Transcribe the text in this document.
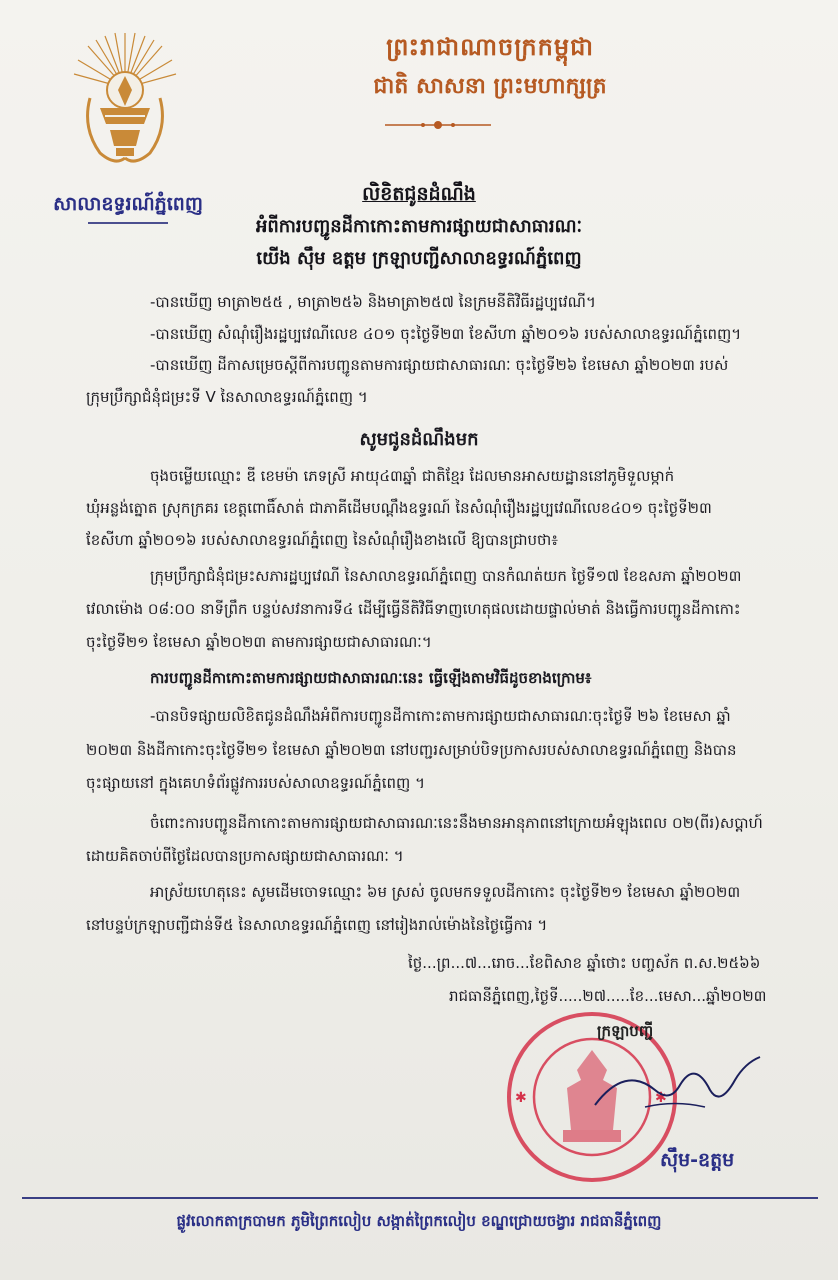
សាលាឧទ្ធរណ៍ភ្នំពេញ
ព្រះរាជាណាចក្រកម្ពុជា
ជាតិ សាសនា ព្រះមហាក្សត្រ
លិខិតជូនដំណឹង
អំពីការបញ្ជូនដីកាកោះតាមការផ្សាយជាសាធារណៈ
យើង ស៊ឹម ឧត្តម ក្រឡាបញ្ជីសាលាឧទ្ធរណ៍ភ្នំពេញ
-បានឃើញ មាត្រា២៥៥ , មាត្រា២៥៦ និងមាត្រា២៥៧ នៃក្រមនីតិវិធីរដ្ឋប្បវេណី។
-បានឃើញ សំណុំរឿងរដ្ឋប្បវេណីលេខ ៤០១ ចុះថ្ងៃទី២៣ ខែសីហា ឆ្នាំ២០១៦ របស់សាលាឧទ្ធរណ៍ភ្នំពេញ។
-បានឃើញ ដីកាសម្រេចស្ដីពីការបញ្ជូនតាមការផ្សាយជាសាធារណៈ ចុះថ្ងៃទី២៦ ខែមេសា ឆ្នាំ២០២៣ របស់
ក្រុមប្រឹក្សាជំនុំជម្រះទី V នៃសាលាឧទ្ធរណ៍ភ្នំពេញ ។
សូមជូនដំណឹងមក
ចុងចម្លើយឈ្មោះ ឌី ខេមម៉ា ភេទស្រី អាយុ៤៣ឆ្នាំ ជាតិខ្មែរ ដែលមានអាសយដ្ឋាននៅភូមិទួលម្កាក់
ឃុំអន្លង់ត្នោត ស្រុកក្រគរ ខេត្តពោធិ៍សាត់ ជាភាគីដើមបណ្ដឹងឧទ្ធរណ៍ នៃសំណុំរឿងរដ្ឋប្បវេណីលេខ៤០១ ចុះថ្ងៃទី២៣
ខែសីហា ឆ្នាំ២០១៦ របស់សាលាឧទ្ធរណ៍ភ្នំពេញ នៃសំណុំរឿងខាងលើ ឱ្យបានជ្រាបថា៖
ក្រុមប្រឹក្សាជំនុំជម្រះសភារដ្ឋប្បវេណី នៃសាលាឧទ្ធរណ៍ភ្នំពេញ បានកំណត់យក ថ្ងៃទី១៧ ខែឧសភា ឆ្នាំ២០២៣
វេលាម៉ោង ០៨:០០ នាទីព្រឹក បន្ទប់សវនាការទី៤ ដើម្បីធ្វើនីតិវិធីទាញហេតុផលដោយផ្ទាល់មាត់ និងធ្វើការបញ្ជូនដីកាកោះ
ចុះថ្ងៃទី២១ ខែមេសា ឆ្នាំ២០២៣ តាមការផ្សាយជាសាធារណៈ។
ការបញ្ជូនដីកាកោះតាមការផ្សាយជាសាធារណៈនេះ ធ្វើឡើងតាមវិធីដូចខាងក្រោម៖
-បានបិទផ្សាយលិខិតជូនដំណឹងអំពីការបញ្ជូនដីកាកោះតាមការផ្សាយជាសាធារណៈចុះថ្ងៃទី ២៦ ខែមេសា ឆ្នាំ
២០២៣ និងដីកាកោះចុះថ្ងៃទី២១ ខែមេសា ឆ្នាំ២០២៣ នៅបញ្ជរសម្រាប់បិទប្រកាសរបស់សាលាឧទ្ធរណ៍ភ្នំពេញ និងបាន
ចុះផ្សាយនៅ ក្នុងគេហទំព័រផ្លូវការរបស់សាលាឧទ្ធរណ៍ភ្នំពេញ ។
ចំពោះការបញ្ជូនដីកាកោះតាមការផ្សាយជាសាធារណៈនេះនឹងមានអានុភាពនៅក្រោយអំឡុងពេល ០២(ពីរ)សប្ដាហ៍
ដោយគិតចាប់ពីថ្ងៃដែលបានប្រកាសផ្សាយជាសាធារណៈ ។
អាស្រ័យហេតុនេះ សូមដើមចោទឈ្មោះ ៦ម ស្រស់ ចូលមកទទួលដីកាកោះ ចុះថ្ងៃទី២១ ខែមេសា ឆ្នាំ២០២៣
នៅបន្ទប់ក្រឡាបញ្ជីជាន់ទី៥ នៃសាលាឧទ្ធរណ៍ភ្នំពេញ នៅរៀងរាល់ម៉ោងនៃថ្ងៃធ្វើការ ។
ថ្ងៃ...ព្រ...៧...រោច...ខែពិសាខ ឆ្នាំថោះ បញ្ចស័ក ព.ស.២៥៦៦
រាជធានីភ្នំពេញ,ថ្ងៃទី.....២៧.....ខែ...មេសា...ឆ្នាំ២០២៣
✱	✱
ក្រឡាបញ្ជី
ស៊ឹម-ឧត្តម
ផ្លូវលោកតាក្របាមក ភូមិព្រៃកលៀប សង្កាត់ព្រៃកលៀប ខណ្ឌជ្រោយចង្វារ រាជធានីភ្នំពេញ
